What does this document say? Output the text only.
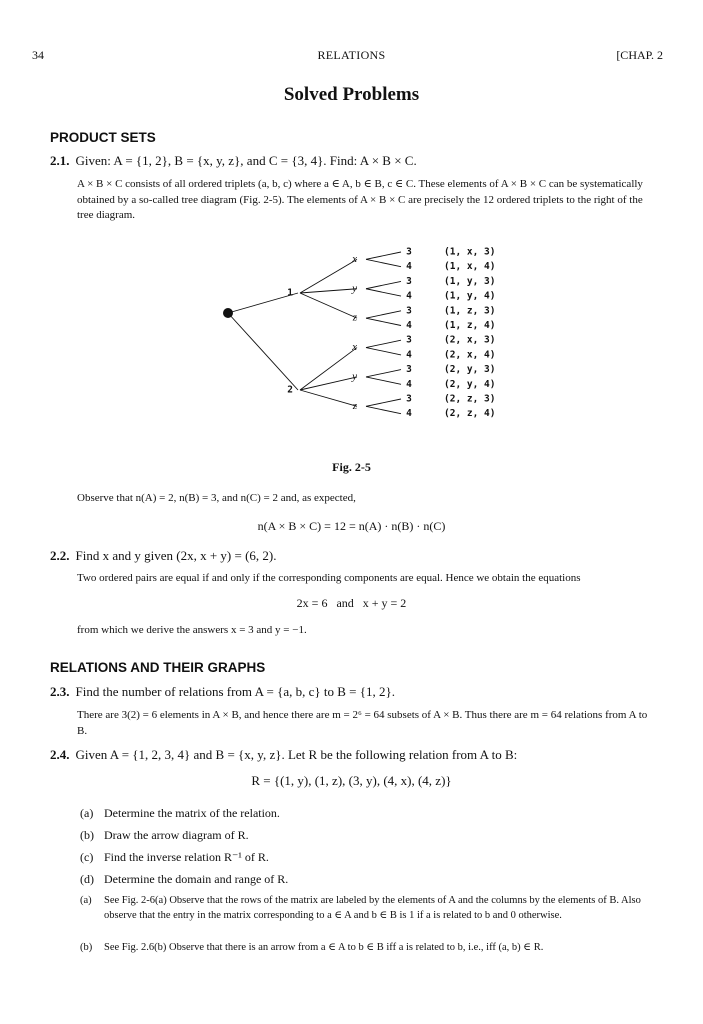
34	RELATIONS	[CHAP. 2
Solved Problems
PRODUCT SETS
2.1. Given: A = {1, 2}, B = {x, y, z}, and C = {3, 4}. Find: A × B × C.
A × B × C consists of all ordered triplets (a, b, c) where a ∈ A, b ∈ B, c ∈ C. These elements of A × B × C can be systematically obtained by a so-called tree diagram (Fig. 2-5). The elements of A × B × C are precisely the 12 ordered triplets to the right of the tree diagram.
1
2
x
y
z
x
y
z
3
4
3
4
3
4
3
4
3
4
3
4
(1, x, 3)
(1, x, 4)
(1, y, 3)
(1, y, 4)
(1, z, 3)
(1, z, 4)
(2, x, 3)
(2, x, 4)
(2, y, 3)
(2, y, 4)
(2, z, 3)
(2, z, 4)
Fig. 2-5
Observe that n(A) = 2, n(B) = 3, and n(C) = 2 and, as expected,
n(A × B × C) = 12 = n(A) · n(B) · n(C)
2.2. Find x and y given (2x, x + y) = (6, 2).
Two ordered pairs are equal if and only if the corresponding components are equal. Hence we obtain the equations
2x = 6   and   x + y = 2
from which we derive the answers x = 3 and y = −1.
RELATIONS AND THEIR GRAPHS
2.3. Find the number of relations from A = {a, b, c} to B = {1, 2}.
There are 3(2) = 6 elements in A × B, and hence there are m = 2⁶ = 64 subsets of A × B. Thus there are m = 64 relations from A to B.
2.4. Given A = {1, 2, 3, 4} and B = {x, y, z}. Let R be the following relation from A to B:
R = {(1, y), (1, z), (3, y), (4, x), (4, z)}
(a) Determine the matrix of the relation.
(b) Draw the arrow diagram of R.
(c) Find the inverse relation R⁻¹ of R.
(d) Determine the domain and range of R.
(a)	See Fig. 2-6(a) Observe that the rows of the matrix are labeled by the elements of A and the columns by the elements of B. Also observe that the entry in the matrix corresponding to a ∈ A and b ∈ B is 1 if a is related to b and 0 otherwise.
(b)	See Fig. 2.6(b) Observe that there is an arrow from a ∈ A to b ∈ B iff a is related to b, i.e., iff (a, b) ∈ R.
